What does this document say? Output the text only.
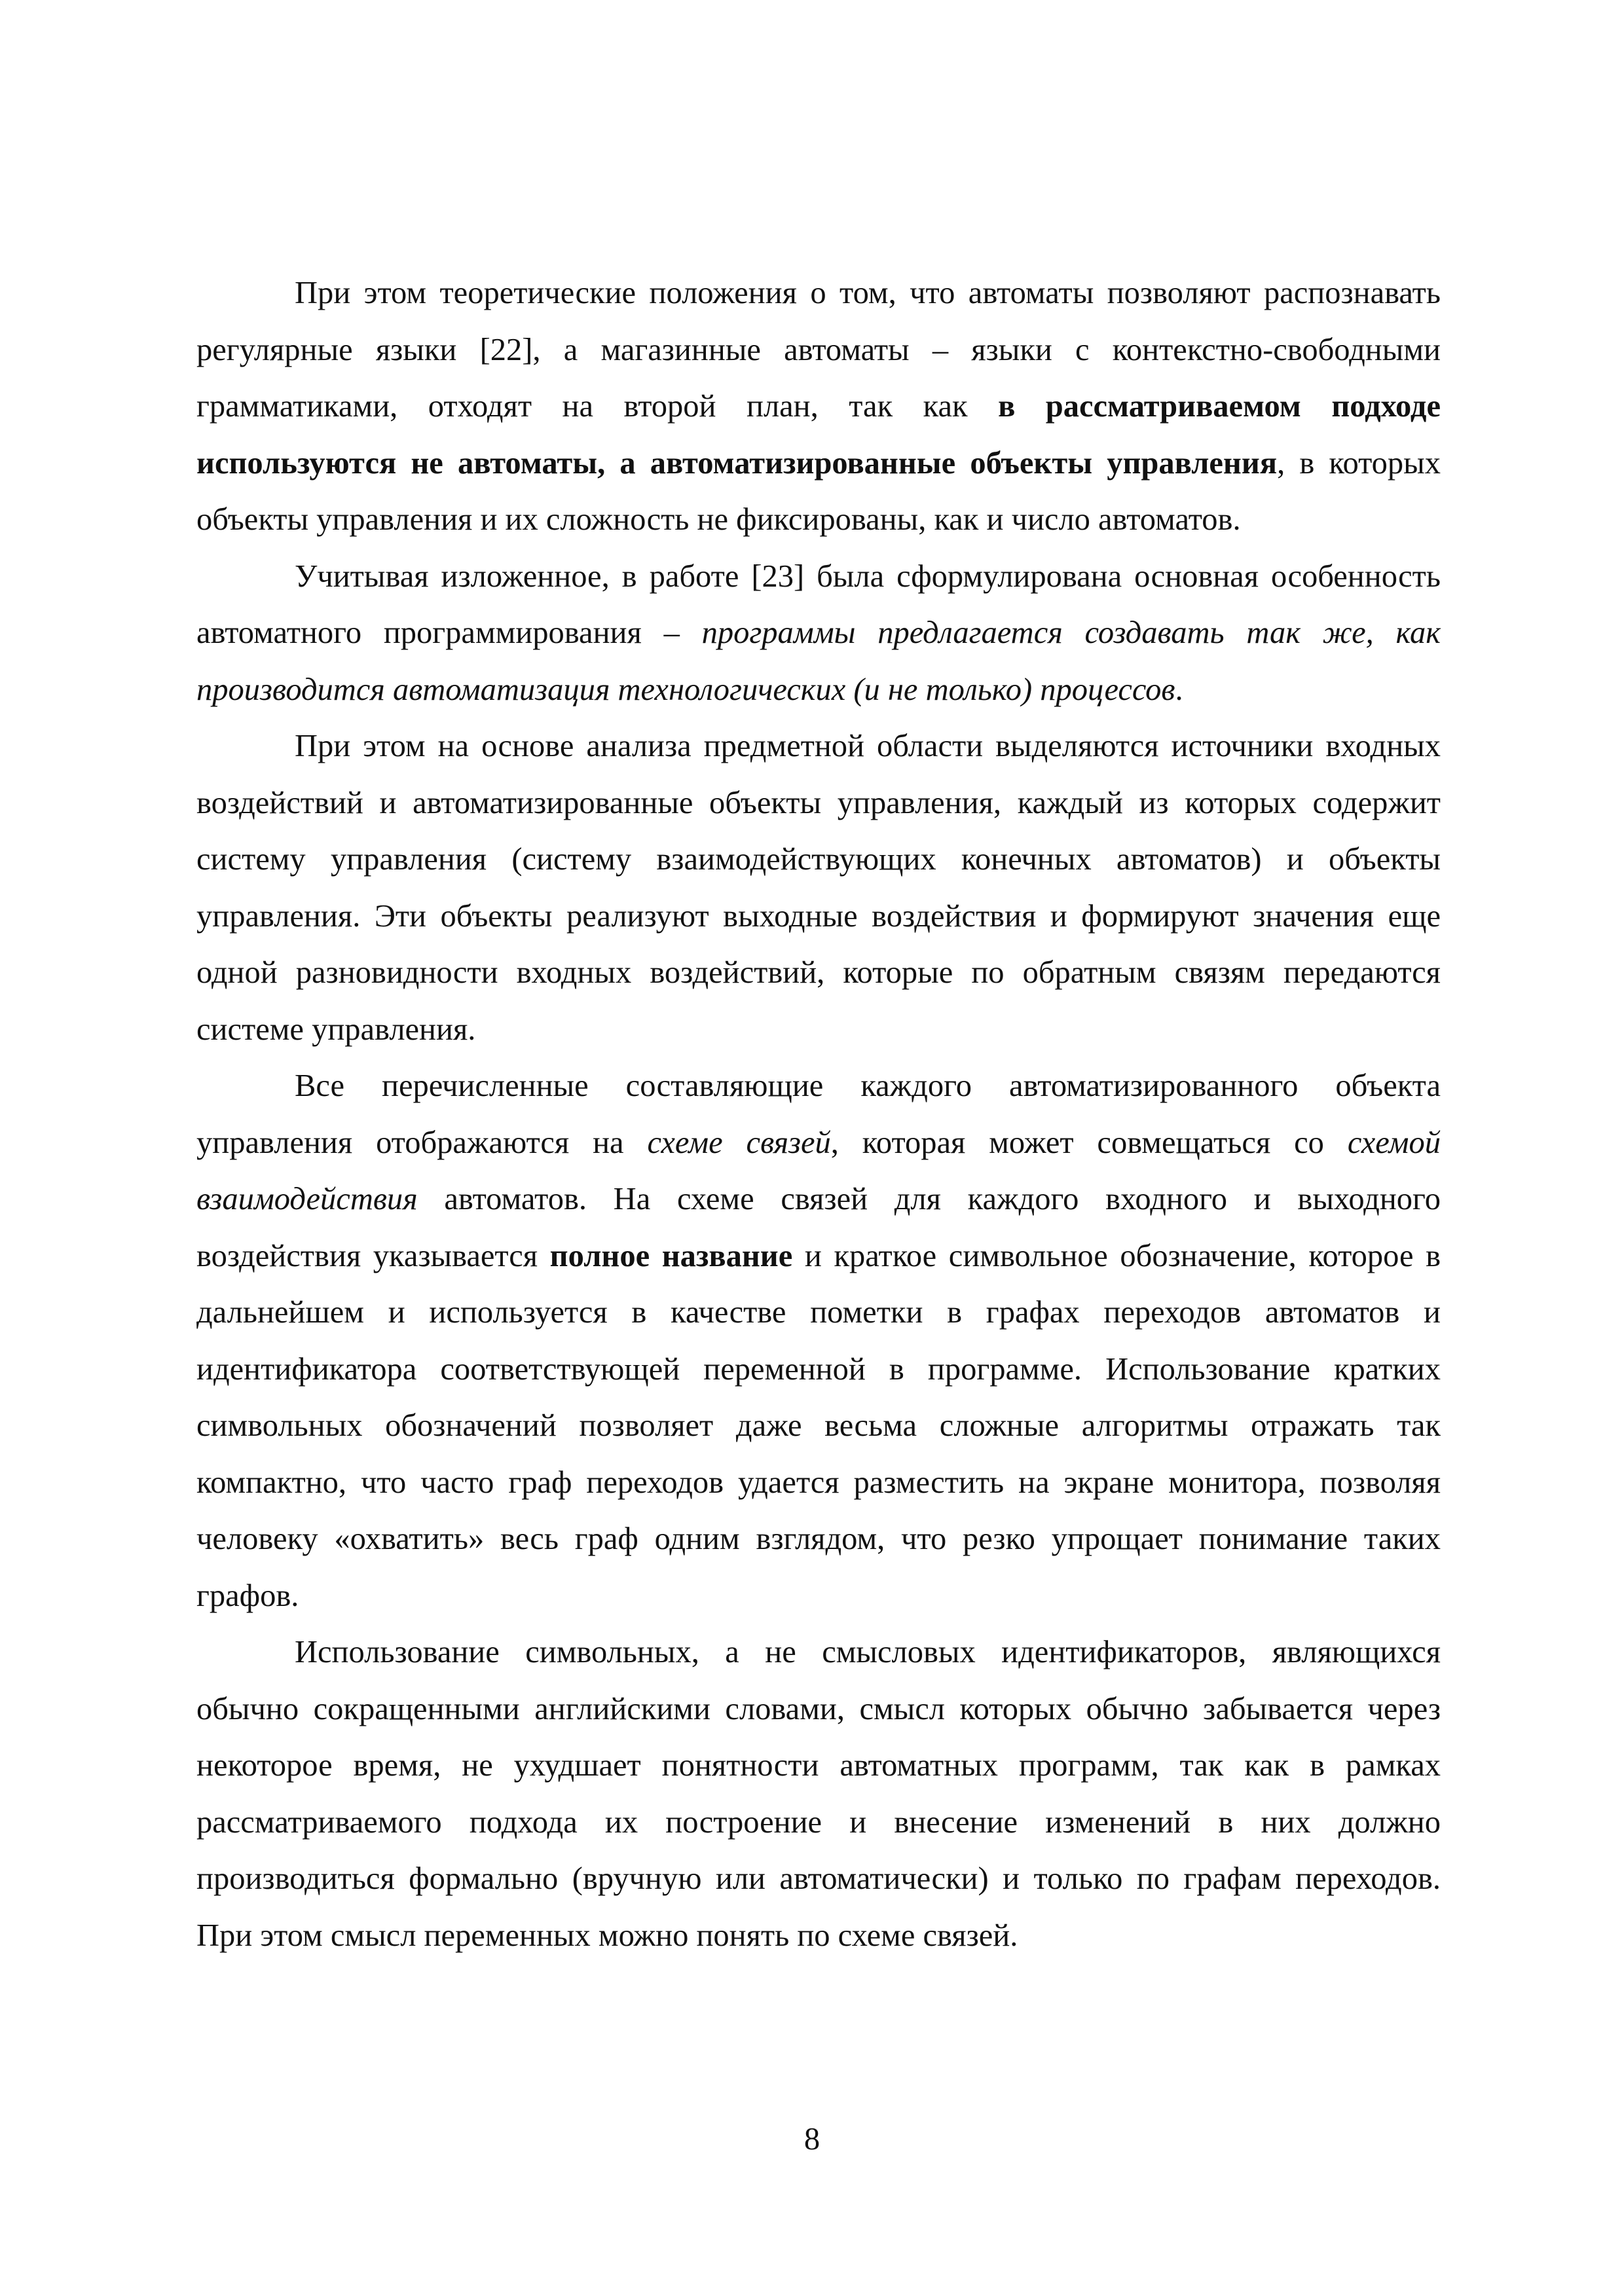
При этом теоретические положения о том, что автоматы позволяют распознавать регулярные языки [22], а магазинные автоматы – языки с контекстно-свободными грамматиками, отходят на второй план, так как в рассматриваемом подходе используются не автоматы, а автоматизированные объекты управления, в которых объекты управления и их сложность не фиксированы, как и число автоматов.

Учитывая изложенное, в работе [23] была сформулирована основная особенность автоматного программирования – программы предлагается создавать так же, как производится автоматизация технологических (и не только) процессов.

При этом на основе анализа предметной области выделяются источники входных воздействий и автоматизированные объекты управления, каждый из которых содержит систему управления (систему взаимодействующих конечных автоматов) и объекты управления. Эти объекты реализуют выходные воздействия и формируют значения еще одной разновидности входных воздействий, которые по обратным связям передаются системе управления.

Все перечисленные составляющие каждого автоматизированного объекта управления отображаются на схеме связей, которая может совмещаться со схемой взаимодействия автоматов. На схеме связей для каждого входного и выходного воздействия указывается полное название и краткое символьное обозначение, которое в дальнейшем и используется в качестве пометки в графах переходов автоматов и идентификатора соответствующей переменной в программе. Использование кратких символьных обозначений позволяет даже весьма сложные алгоритмы отражать так компактно, что часто граф переходов удается разместить на экране монитора, позволяя человеку «охватить» весь граф одним взглядом, что резко упрощает понимание таких графов.

Использование символьных, а не смысловых идентификаторов, являющихся обычно сокращенными английскими словами, смысл которых обычно забывается через некоторое время, не ухудшает понятности автоматных программ, так как в рамках рассматриваемого подхода их построение и внесение изменений в них должно производиться формально (вручную или автоматически) и только по графам переходов. При этом смысл переменных можно понять по схеме связей.

8
